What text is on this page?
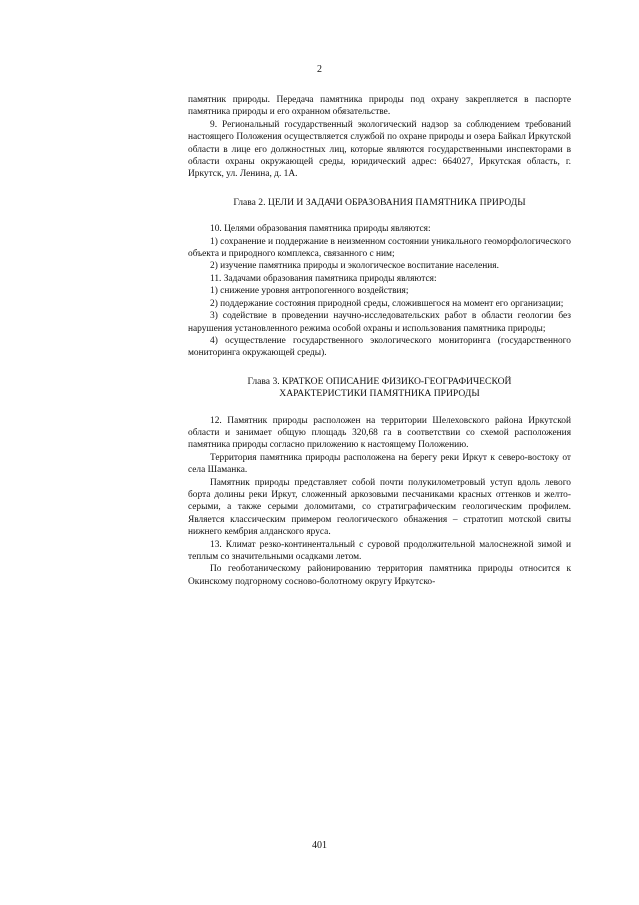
2

памятник природы. Передача памятника природы под охрану закрепляется в паспорте памятника природы и его охранном обязательстве.

9. Региональный государственный экологический надзор за соблюдением требований настоящего Положения осуществляется службой по охране природы и озера Байкал Иркутской области в лице его должностных лиц, которые являются государственными инспекторами в области охраны окружающей среды, юридический адрес: 664027, Иркутская область, г. Иркутск, ул. Ленина, д. 1А.

Глава 2. ЦЕЛИ И ЗАДАЧИ ОБРАЗОВАНИЯ ПАМЯТНИКА ПРИРОДЫ

10. Целями образования памятника природы являются:

1) сохранение и поддержание в неизменном состоянии уникального геоморфологического объекта и природного комплекса, связанного с ним;

2) изучение памятника природы и экологическое воспитание населения.

11. Задачами образования памятника природы являются:

1) снижение уровня антропогенного воздействия;

2) поддержание состояния природной среды, сложившегося на момент его организации;

3) содействие в проведении научно-исследовательских работ в области геологии без нарушения установленного режима особой охраны и использования памятника природы;

4) осуществление государственного экологического мониторинга (государственного мониторинга окружающей среды).

Глава 3. КРАТКОЕ ОПИСАНИЕ ФИЗИКО-ГЕОГРАФИЧЕСКОЙ
ХАРАКТЕРИСТИКИ ПАМЯТНИКА ПРИРОДЫ

12. Памятник природы расположен на территории Шелеховского района Иркутской области и занимает общую площадь 320,68 га в соответствии со схемой расположения памятника природы согласно приложению к настоящему Положению.

Территория памятника природы расположена на берегу реки Иркут к северо-востоку от села Шаманка.

Памятник природы представляет собой почти полукилометровый уступ вдоль левого борта долины реки Иркут, сложенный аркозовыми песчаниками красных оттенков и желто-серыми, а также серыми доломитами, со стратиграфическим геологическим профилем. Является классическим примером геологического обнажения – стратотип мотской свиты нижнего кембрия алданского яруса.

13. Климат резко-континентальный с суровой продолжительной малоснежной зимой и теплым со значительными осадками летом.

По геоботаническому районированию территория памятника природы относится к Окинскому подгорному сосново-болотному округу Иркутско-

401
